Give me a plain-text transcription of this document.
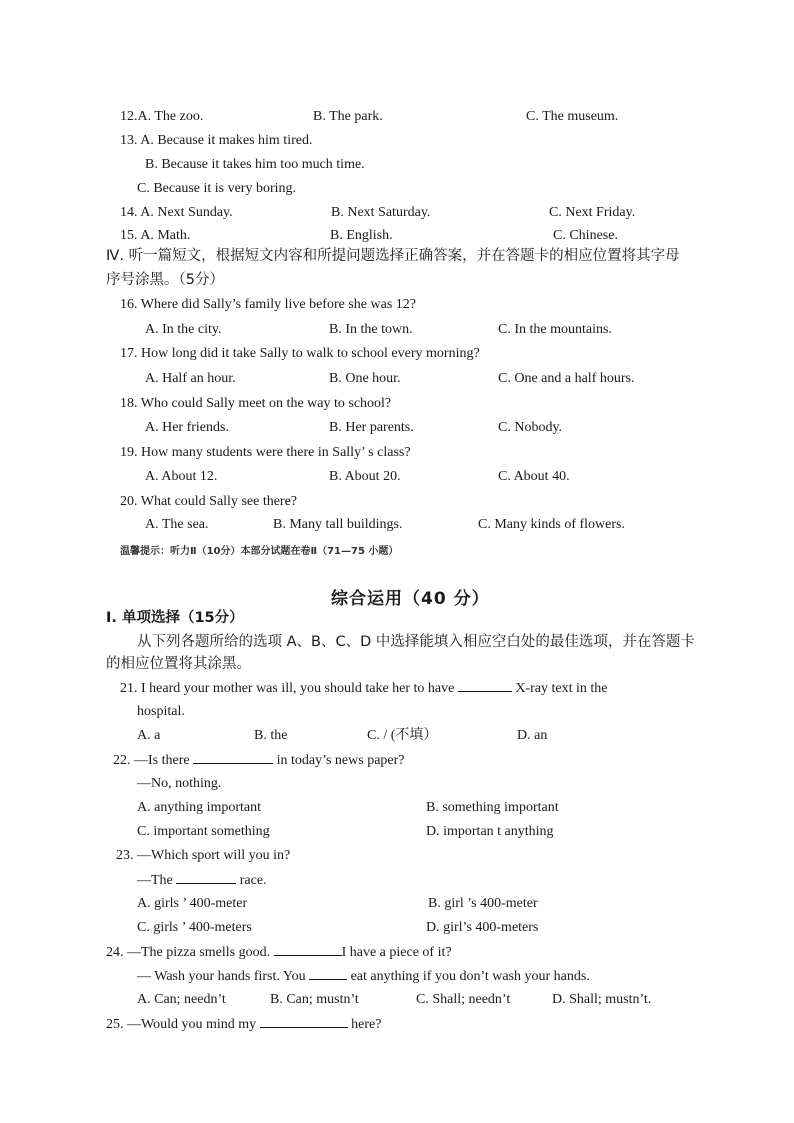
12.A. The zoo.	B. The park.	C. The museum.
13. A. Because it makes him tired.
B. Because it takes him too much time.
C. Because it is very boring.
14. A. Next Sunday.	B. Next Saturday.	C. Next Friday.
15. A. Math.	B. English.	C. Chinese.
Ⅳ. 听一篇短文，根据短文内容和所提问题选择正确答案，并在答题卡的相应位置将其字母
序号涂黑。（5分）
16. Where did Sally’s family live before she was 12?
A. In the city.	B. In the town.	C. In the mountains.
17. How long did it take Sally to walk to school every morning?
A. Half an hour.	B. One hour.	C. One and a half hours.
18. Who could Sally meet on the way to school?
A. Her friends.	B. Her parents.	C. Nobody.
19. How many students were there in Sally’ s class?
A. About 12.	B. About 20.	C. About 40.
20. What could Sally see there?
A. The sea.	B. Many tall buildings.	C. Many kinds of flowers.
温馨提示：听力Ⅱ（10分）本部分试题在卷Ⅱ（71—75 小题）
综合运用（40 分）
Ⅰ. 单项选择（15分）
从下列各题所给的选项 A、B、C、D 中选择能填入相应空白处的最佳选项，并在答题卡
的相应位置将其涂黑。
21. I heard your mother was ill, you should take her to have	X-ray text in the
hospital.
A. a	B. the	C. / (不填）	D. an
22. —Is there	in today’s news paper?
—No, nothing.
A. anything important	B. something important
C. important something	D. importan t anything
23. —Which sport will you in?
—The	race.
A. girls ’ 400-meter	B. girl ’s 400-meter
C. girls ’ 400-meters	D. girl’s 400-meters
24. —The pizza smells good.	I have a piece of it?
— Wash your hands first. You	eat anything if you don’t wash your hands.
A. Can; needn’t	B. Can; mustn’t	C. Shall; needn’t	D. Shall; mustn’t.
25. —Would you mind my	here?
